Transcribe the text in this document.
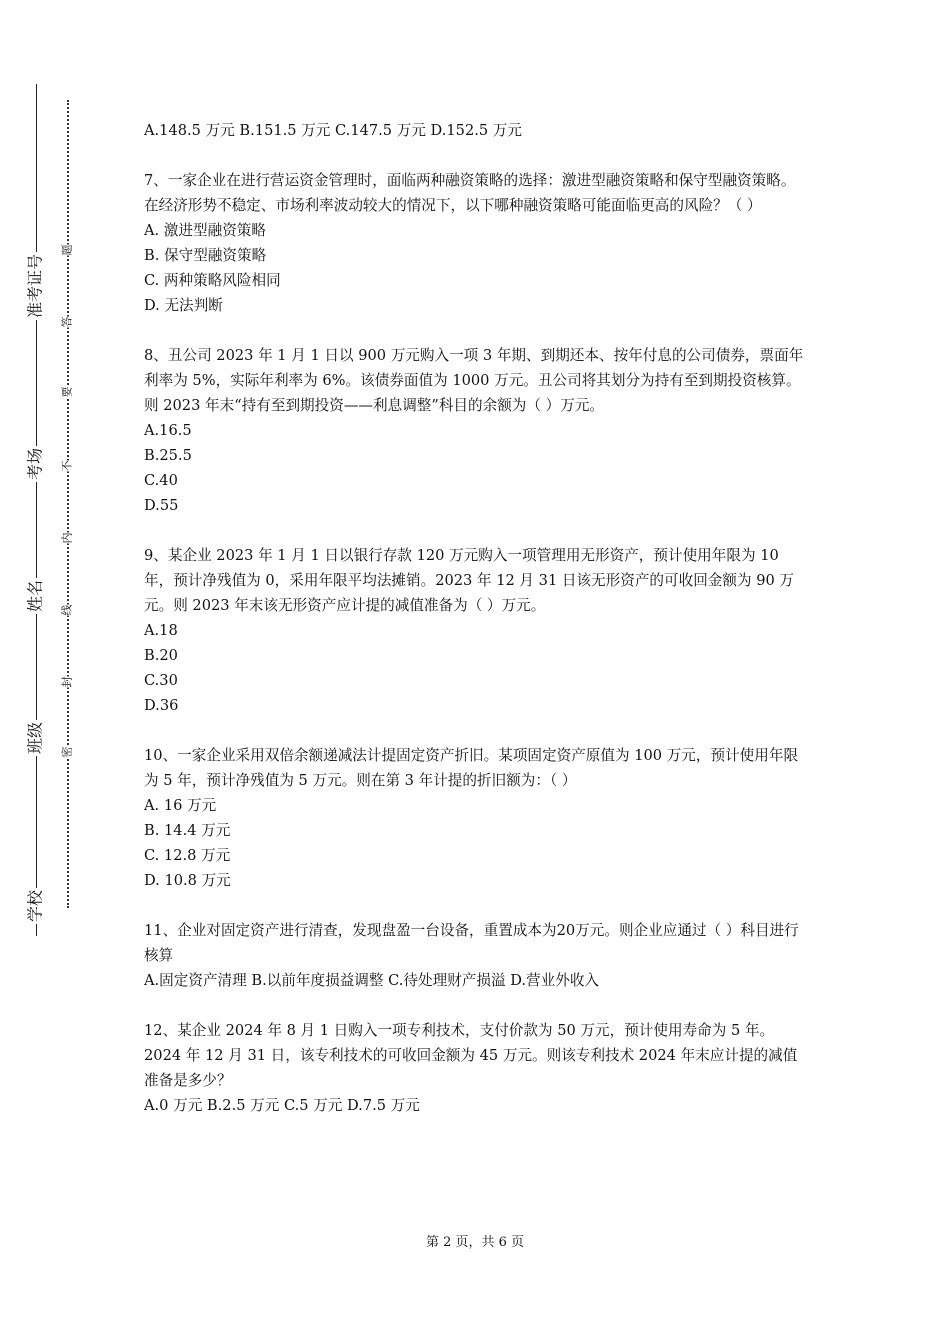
准考证号
考场
姓名
班级
学校
题
答
要
不
内
线
封
密
A.148.5 万元 B.151.5 万元 C.147.5 万元 D.152.5 万元
7、一家企业在进行营运资金管理时，面临两种融资策略的选择：激进型融资策略和保守型融资策略。在经济形势不稳定、市场利率波动较大的情况下，以下哪种融资策略可能面临更高的风险？（ ）
A. 激进型融资策略
B. 保守型融资策略
C. 两种策略风险相同
D. 无法判断
8、丑公司 2023 年 1 月 1 日以 900 万元购入一项 3 年期、到期还本、按年付息的公司债券，票面年利率为 5%，实际年利率为 6%。该债券面值为 1000 万元。丑公司将其划分为持有至到期投资核算。则 2023 年末“持有至到期投资——利息调整”科目的余额为（ ）万元。
A.16.5
B.25.5
C.40
D.55
9、某企业 2023 年 1 月 1 日以银行存款 120 万元购入一项管理用无形资产，预计使用年限为 10 年，预计净残值为 0，采用年限平均法摊销。2023 年 12 月 31 日该无形资产的可收回金额为 90 万元。则 2023 年末该无形资产应计提的减值准备为（ ）万元。
A.18
B.20
C.30
D.36
10、一家企业采用双倍余额递减法计提固定资产折旧。某项固定资产原值为 100 万元，预计使用年限为 5 年，预计净残值为 5 万元。则在第 3 年计提的折旧额为：（ ）
A. 16 万元
B. 14.4 万元
C. 12.8 万元
D. 10.8 万元
11、企业对固定资产进行清查，发现盘盈一台设备，重置成本为20万元。则企业应通过（ ）科目进行核算
A.固定资产清理 B.以前年度损益调整 C.待处理财产损溢 D.营业外收入
12、某企业 2024 年 8 月 1 日购入一项专利技术，支付价款为 50 万元，预计使用寿命为 5 年。2024 年 12 月 31 日，该专利技术的可收回金额为 45 万元。则该专利技术 2024 年末应计提的减值准备是多少？
A.0 万元 B.2.5 万元 C.5 万元 D.7.5 万元
第 2 页，共 6 页
